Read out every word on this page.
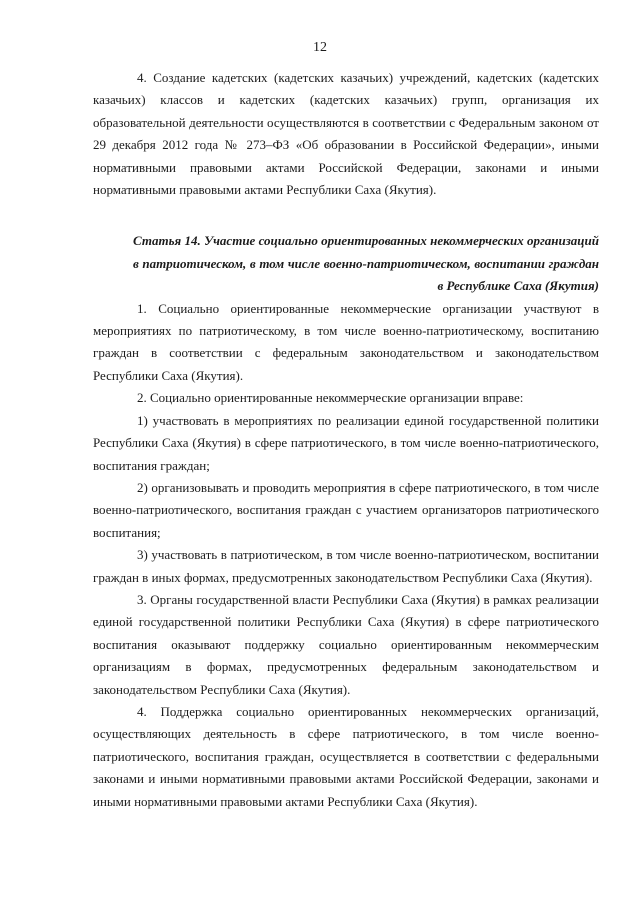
12

4. Создание кадетских (кадетских казачьих) учреждений, кадетских (кадетских казачьих) классов и кадетских (кадетских казачьих) групп, организация их образовательной деятельности осуществляются в соответствии с Федеральным законом от 29 декабря 2012 года № 273–ФЗ «Об образовании в Российской Федерации», иными нормативными правовыми актами Российской Федерации, законами и иными нормативными правовыми актами Республики Саха (Якутия).

Статья 14. Участие социально ориентированных некоммерческих организаций в патриотическом, в том числе военно-патриотическом, воспитании граждан в Республике Саха (Якутия)

1. Социально ориентированные некоммерческие организации участвуют в мероприятиях по патриотическому, в том числе военно-патриотическому, воспитанию граждан в соответствии с федеральным законодательством и законодательством Республики Саха (Якутия).

2. Социально ориентированные некоммерческие организации вправе:

1) участвовать в мероприятиях по реализации единой государственной политики Республики Саха (Якутия) в сфере патриотического, в том числе военно-патриотического, воспитания граждан;

2) организовывать и проводить мероприятия в сфере патриотического, в том числе военно-патриотического, воспитания граждан с участием организаторов патриотического воспитания;

3) участвовать в патриотическом, в том числе военно-патриотическом, воспитании граждан в иных формах, предусмотренных законодательством Республики Саха (Якутия).

3. Органы государственной власти Республики Саха (Якутия) в рамках реализации единой государственной политики Республики Саха (Якутия) в сфере патриотического воспитания оказывают поддержку социально ориентированным некоммерческим организациям в формах, предусмотренных федеральным законодательством и законодательством Республики Саха (Якутия).

4. Поддержка социально ориентированных некоммерческих организаций, осуществляющих деятельность в сфере патриотического, в том числе военно-патриотического, воспитания граждан, осуществляется в соответствии с федеральными законами и иными нормативными правовыми актами Российской Федерации, законами и иными нормативными правовыми актами Республики Саха (Якутия).
